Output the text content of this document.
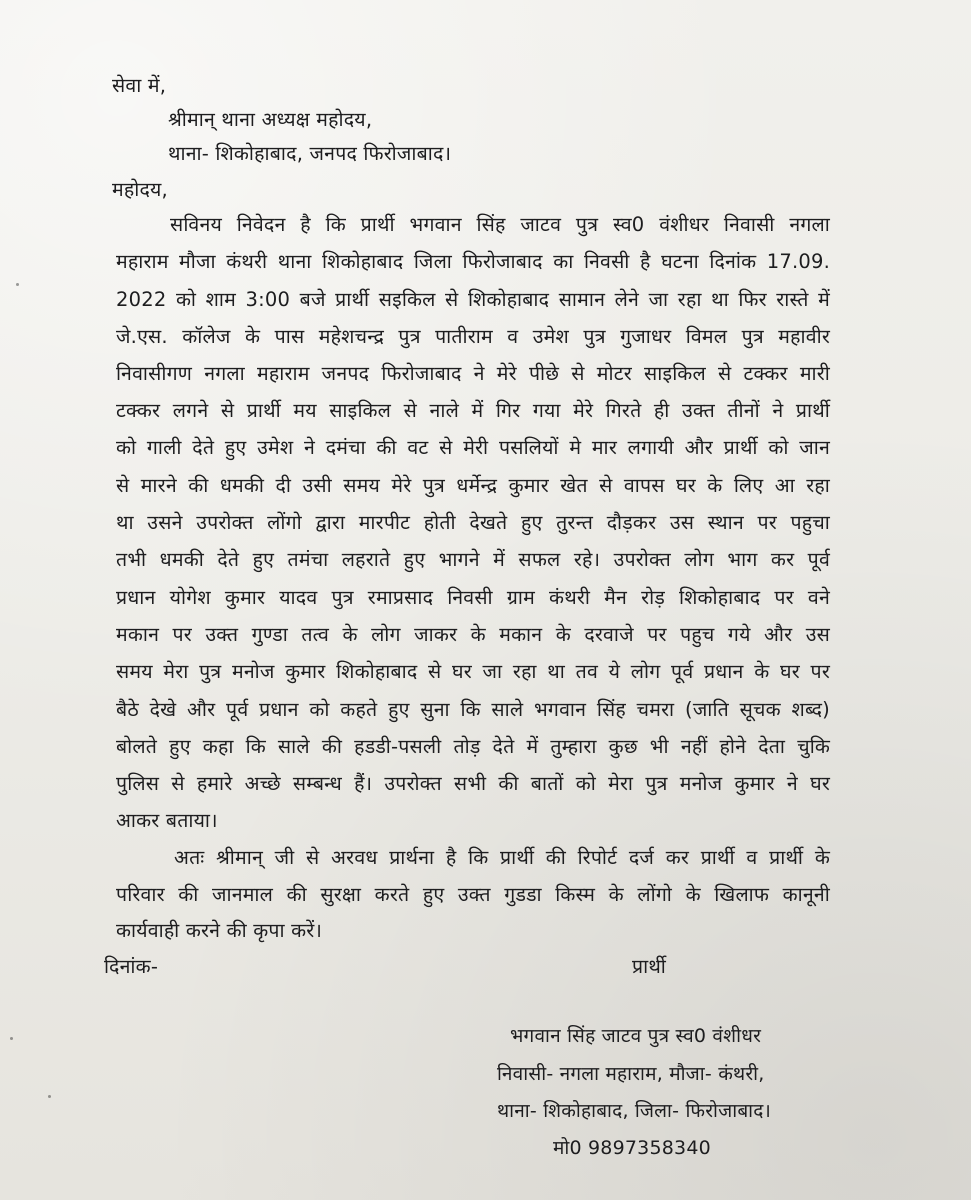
सेवा में,
श्रीमान् थाना अध्यक्ष महोदय,
थाना- शिकोहाबाद, जनपद फिरोजाबाद।
महोदय,
सविनय निवेदन है कि प्रार्थी भगवान सिंह जाटव पुत्र स्व0 वंशीधर निवासी नगला
महाराम मौजा कंथरी थाना शिकोहाबाद जिला फिरोजाबाद का निवसी है घटना दिनांक 17.09.
2022 को शाम 3:00 बजे प्रार्थी सइकिल से शिकोहाबाद सामान लेने जा रहा था फिर रास्ते में
जे.एस. कॉलेज के पास महेशचन्द्र पुत्र पातीराम व उमेश पुत्र गुजाधर विमल पुत्र महावीर
निवासीगण नगला महाराम जनपद फिरोजाबाद ने मेरे पीछे से मोटर साइकिल से टक्कर मारी
टक्कर लगने से प्रार्थी मय साइकिल से नाले में गिर गया मेरे गिरते ही उक्त तीनों ने प्रार्थी
को गाली देते हुए उमेश ने दमंचा की वट से मेरी पसलियों मे मार लगायी और प्रार्थी को जान
से मारने की धमकी दी उसी समय मेरे पुत्र धर्मेन्द्र कुमार खेत से वापस घर के लिए आ रहा
था उसने उपरोक्त लोंगो द्वारा मारपीट होती देखते हुए तुरन्त दौड़कर उस स्थान पर पहुचा
तभी धमकी देते हुए तमंचा लहराते हुए भागने में सफल रहे। उपरोक्त लोग भाग कर पूर्व
प्रधान योगेश कुमार यादव पुत्र रमाप्रसाद निवसी ग्राम कंथरी मैन रोड़ शिकोहाबाद पर वने
मकान पर उक्त गुण्डा तत्व के लोग जाकर के मकान के दरवाजे पर पहुच गये और उस
समय मेरा पुत्र मनोज कुमार शिकोहाबाद से घर जा रहा था तव ये लोग पूर्व प्रधान के घर पर
बैठे देखे और पूर्व प्रधान को कहते हुए सुना कि साले भगवान सिंह चमरा (जाति सूचक शब्द)
बोलते हुए कहा कि साले की हडडी-पसली तोड़ देते में तुम्हारा कुछ भी नहीं होने देता चुकि
पुलिस से हमारे अच्छे सम्बन्ध हैं। उपरोक्त सभी की बातों को मेरा पुत्र मनोज कुमार ने घर
आकर बताया।
अतः श्रीमान् जी से अरवध प्रार्थना है कि प्रार्थी की रिपोर्ट दर्ज कर प्रार्थी व प्रार्थी के
परिवार की जानमाल की सुरक्षा करते हुए उक्त गुडडा किस्म के लोंगो के खिलाफ कानूनी
कार्यवाही करने की कृपा करें।
दिनांक-	प्रार्थी
भगवान सिंह जाटव पुत्र स्व0 वंशीधर
निवासी- नगला महाराम, मौजा- कंथरी,
थाना- शिकोहाबाद, जिला- फिरोजाबाद।
मो0 9897358340
